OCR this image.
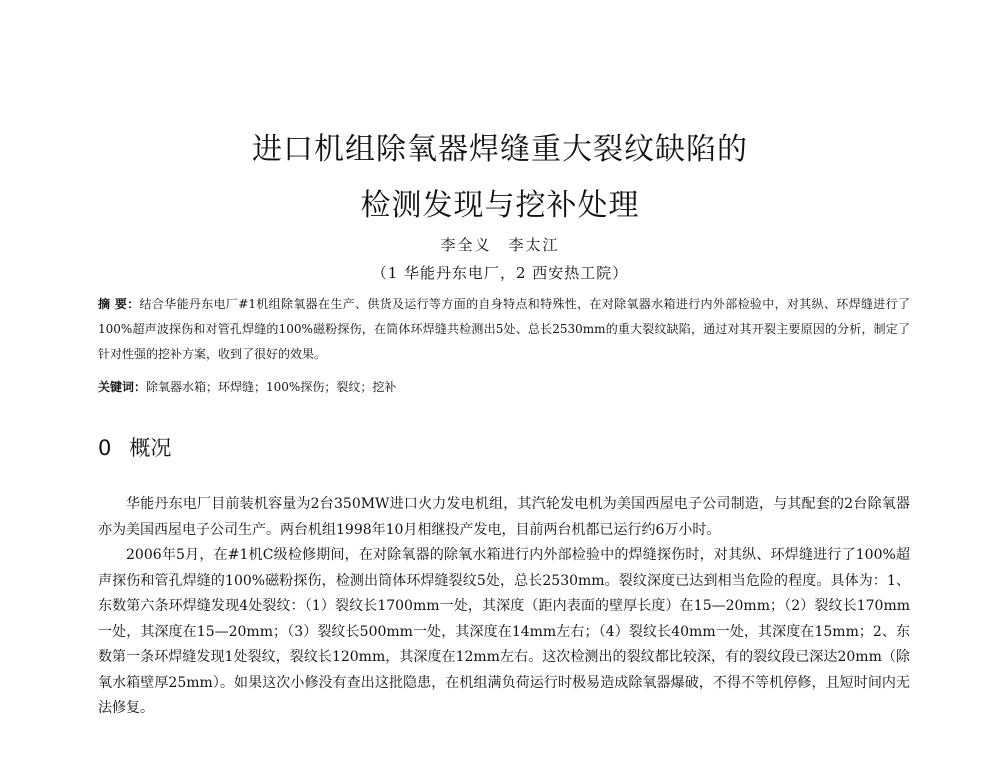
进口机组除氧器焊缝重大裂纹缺陷的
检测发现与挖补处理
李全义　李太江
（1 华能丹东电厂，2 西安热工院）
摘 要：结合华能丹东电厂#1机组除氧器在生产、供货及运行等方面的自身特点和特殊性，在对除氧器水箱进行内外部检验中，对其纵、环焊缝进行了100%超声波探伤和对管孔焊缝的100%磁粉探伤，在筒体环焊缝共检测出5处、总长2530mm的重大裂纹缺陷，通过对其开裂主要原因的分析，制定了针对性强的挖补方案，收到了很好的效果。
关键词：除氧器水箱；环焊缝；100%探伤；裂纹；挖补
0 概况

华能丹东电厂目前装机容量为2台350MW进口火力发电机组，其汽轮发电机为美国西屋电子公司制造，与其配套的2台除氧器亦为美国西屋电子公司生产。两台机组1998年10月相继投产发电，目前两台机都已运行约6万小时。

2006年5月，在#1机C级检修期间，在对除氧器的除氧水箱进行内外部检验中的焊缝探伤时，对其纵、环焊缝进行了100%超声探伤和管孔焊缝的100%磁粉探伤，检测出筒体环焊缝裂纹5处，总长2530mm。裂纹深度已达到相当危险的程度。具体为：1、东数第六条环焊缝发现4处裂纹：（1）裂纹长1700mm一处，其深度（距内表面的壁厚长度）在15—20mm；（2）裂纹长170mm一处，其深度在15—20mm；（3）裂纹长500mm一处，其深度在14mm左右；（4）裂纹长40mm一处，其深度在15mm；2、东数第一条环焊缝发现1处裂纹，裂纹长120mm，其深度在12mm左右。这次检测出的裂纹都比较深，有的裂纹段已深达20mm（除氧水箱壁厚25mm）。如果这次小修没有查出这批隐患，在机组满负荷运行时极易造成除氧器爆破，不得不等机停修，且短时间内无法修复。
